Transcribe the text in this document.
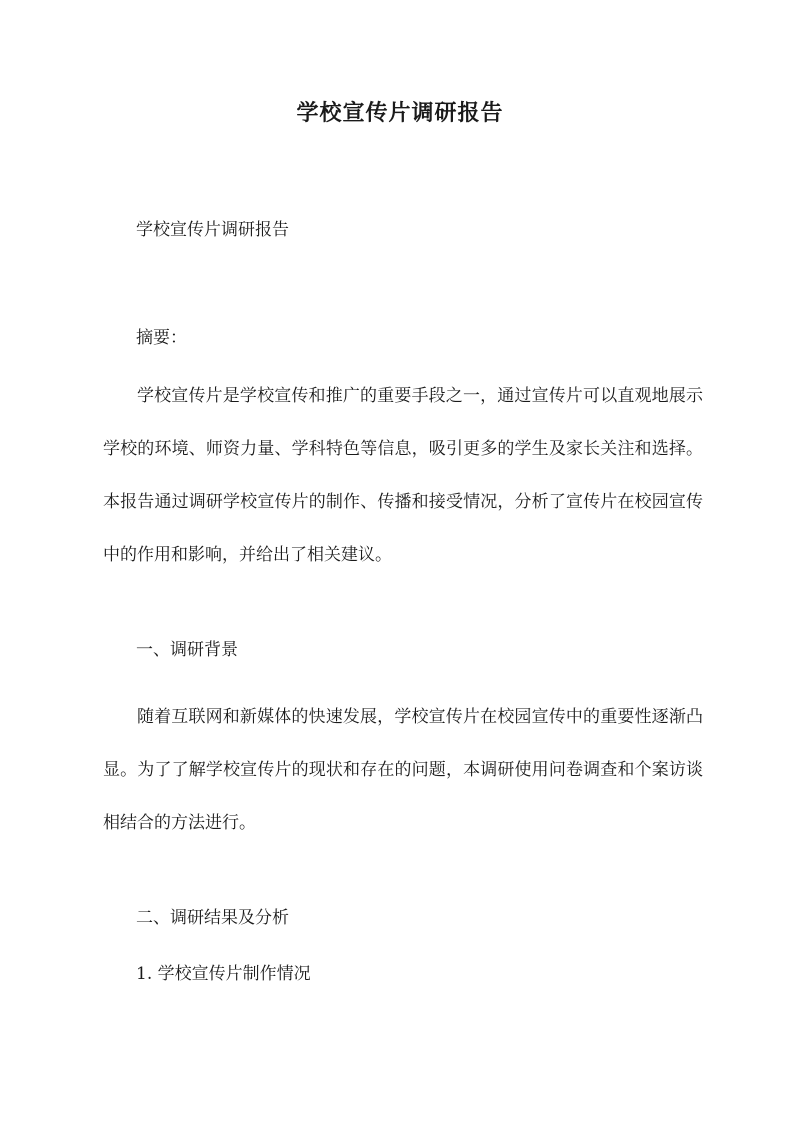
学校宣传片调研报告
学校宣传片调研报告
摘要：
学校宣传片是学校宣传和推广的重要手段之一，通过宣传片可以直观地展示学校的环境、师资力量、学科特色等信息，吸引更多的学生及家长关注和选择。本报告通过调研学校宣传片的制作、传播和接受情况，分析了宣传片在校园宣传中的作用和影响，并给出了相关建议。
一、调研背景
随着互联网和新媒体的快速发展，学校宣传片在校园宣传中的重要性逐渐凸显。为了了解学校宣传片的现状和存在的问题，本调研使用问卷调查和个案访谈相结合的方法进行。
二、调研结果及分析
1. 学校宣传片制作情况
